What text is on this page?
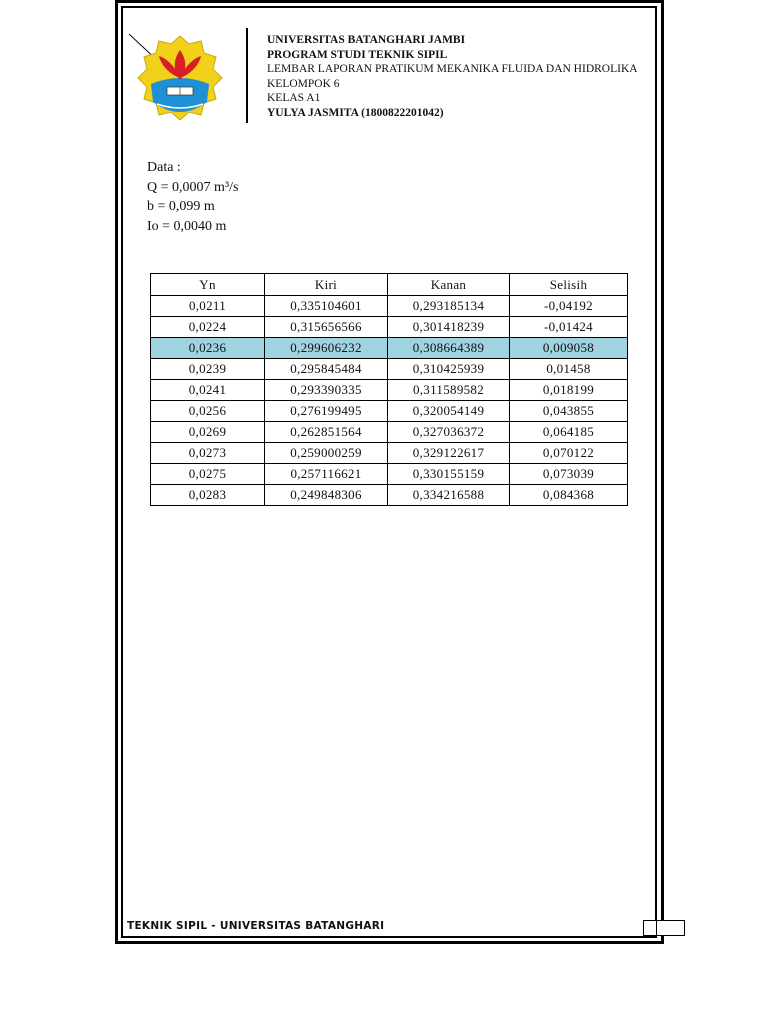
UNIVERSITAS BATANGHARI JAMBI
PROGRAM STUDI TEKNIK SIPIL
LEMBAR LAPORAN PRATIKUM MEKANIKA FLUIDA DAN HIDROLIKA
KELOMPOK 6
KELAS A1
YULYA JASMITA (1800822201042)
Data :
Q = 0,0007 m³/s
b = 0,099 m
Io = 0,0040 m
Yn	Kiri	Kanan	Selisih
0,0211	0,335104601	0,293185134	-0,04192
0,0224	0,315656566	0,301418239	-0,01424
0,0236	0,299606232	0,308664389	0,009058
0,0239	0,295845484	0,310425939	0,01458
0,0241	0,293390335	0,311589582	0,018199
0,0256	0,276199495	0,320054149	0,043855
0,0269	0,262851564	0,327036372	0,064185
0,0273	0,259000259	0,329122617	0,070122
0,0275	0,257116621	0,330155159	0,073039
0,0283	0,249848306	0,334216588	0,084368
TEKNIK SIPIL - UNIVERSITAS BATANGHARI
